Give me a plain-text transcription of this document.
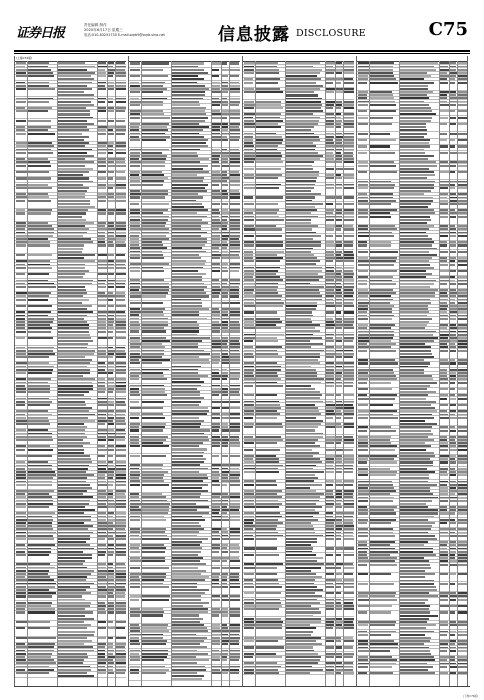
证券日报
责任编辑 制作
2020年6月17日 星期三
电话:010-83251730 E-mail:zqrb9@zqrb.sina.net	信息披露 DISCLOSURE	C75
(上接C74版)
(下转C76版)
